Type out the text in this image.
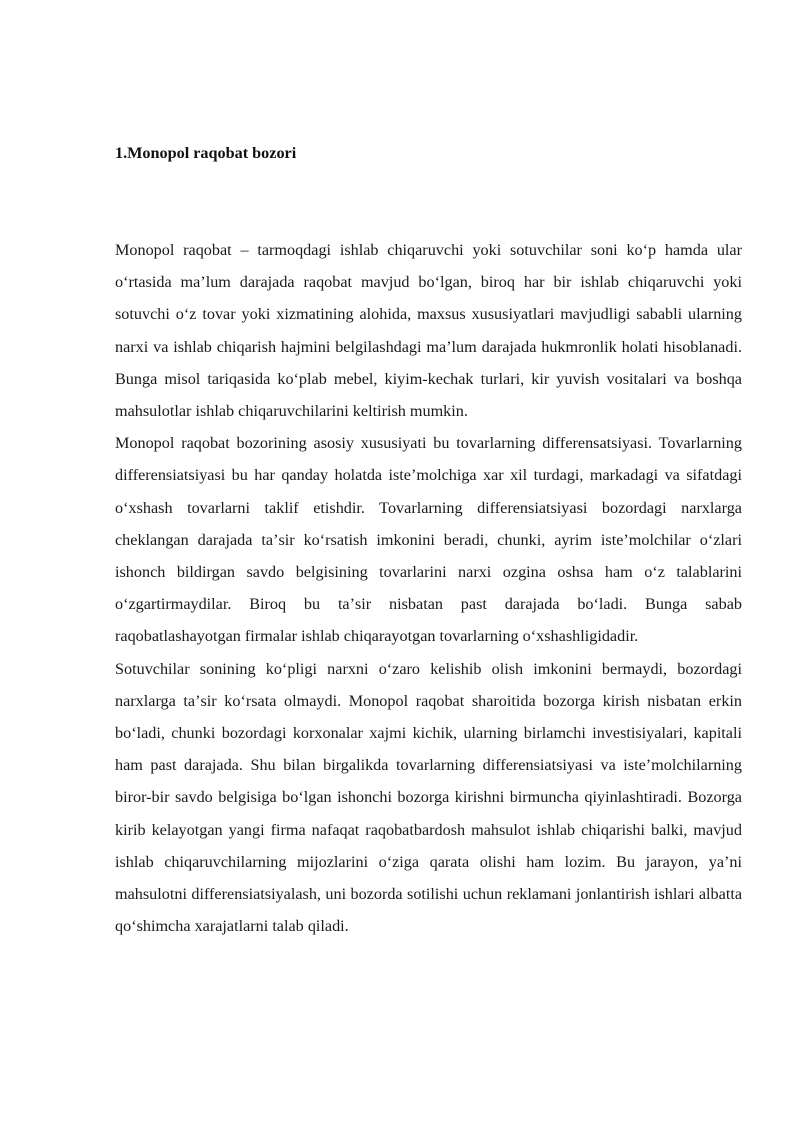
1.Monopol raqobat bozori

Monopol raqobat – tarmoqdagi ishlab chiqaruvchi yoki sotuvchilar soni koʻp hamda ular oʻrtasida maʼlum darajada raqobat mavjud boʻlgan, biroq har bir ishlab chiqaruvchi yoki sotuvchi oʻz tovar yoki xizmatining alohida, maxsus xususiyatlari mavjudligi sababli ularning narxi va ishlab chiqarish hajmini belgilashdagi maʼlum darajada hukmronlik holati hisoblanadi. Bunga misol tariqasida koʻplab mebel, kiyim-kechak turlari, kir yuvish vositalari va boshqa mahsulotlar ishlab chiqaruvchilarini keltirish mumkin.

Monopol raqobat bozorining asosiy xususiyati bu tovarlarning differensatsiyasi. Tovarlarning differensiatsiyasi bu har qanday holatda isteʼmolchiga xar xil turdagi, markadagi va sifatdagi oʻxshash tovarlarni taklif etishdir. Tovarlarning differensiatsiyasi bozordagi narxlarga cheklangan darajada taʼsir koʻrsatish imkonini beradi, chunki, ayrim isteʼmolchilar oʻzlari ishonch bildirgan savdo belgisining tovarlarini narxi ozgina oshsa ham oʻz talablarini oʻzgartirmaydilar. Biroq bu taʼsir nisbatan past darajada boʻladi. Bunga sabab raqobatlashayotgan firmalar ishlab chiqarayotgan tovarlarning oʻxshashligidadir.

Sotuvchilar sonining koʻpligi narxni oʻzaro kelishib olish imkonini bermaydi, bozordagi narxlarga taʼsir koʻrsata olmaydi. Monopol raqobat sharoitida bozorga kirish nisbatan erkin boʻladi, chunki bozordagi korxonalar xajmi kichik, ularning birlamchi investisiyalari, kapitali ham past darajada. Shu bilan birgalikda tovarlarning differensiatsiyasi va isteʼmolchilarning biror-bir savdo belgisiga boʻlgan ishonchi bozorga kirishni birmuncha qiyinlashtiradi. Bozorga kirib kelayotgan yangi firma nafaqat raqobatbardosh mahsulot ishlab chiqarishi balki, mavjud ishlab chiqaruvchilarning mijozlarini oʻziga qarata olishi ham lozim. Bu jarayon, yaʼni mahsulotni differensiatsiyalash, uni bozorda sotilishi uchun reklamani jonlantirish ishlari albatta qoʻshimcha xarajatlarni talab qiladi.
